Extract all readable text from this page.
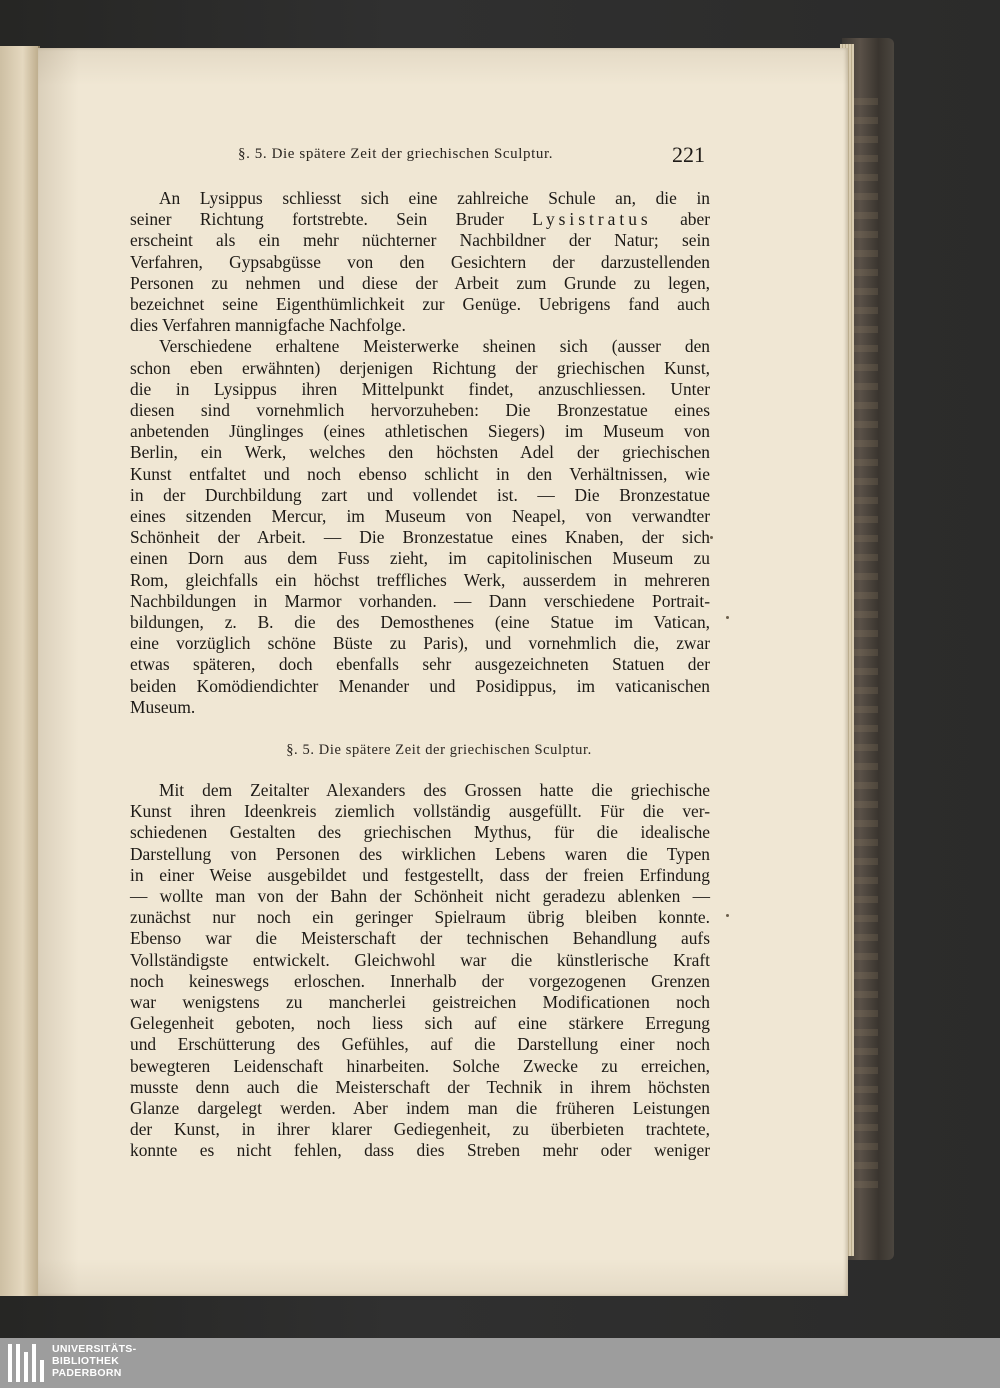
§. 5. Die spätere Zeit der griechischen Sculptur.	221

An Lysippus schliesst sich eine zahlreiche Schule an, die in
seiner Richtung fortstrebte. Sein Bruder Lysistratus aber
erscheint als ein mehr nüchterner Nachbildner der Natur; sein
Verfahren, Gypsabgüsse von den Gesichtern der darzustellenden
Personen zu nehmen und diese der Arbeit zum Grunde zu legen,
bezeichnet seine Eigenthümlichkeit zur Genüge. Uebrigens fand auch
dies Verfahren mannigfache Nachfolge.

Verschiedene erhaltene Meisterwerke sheinen sich (ausser den
schon eben erwähnten) derjenigen Richtung der griechischen Kunst,
die in Lysippus ihren Mittelpunkt findet, anzuschliessen. Unter
diesen sind vornehmlich hervorzuheben: Die Bronzestatue eines
anbetenden Jünglinges (eines athletischen Siegers) im Museum von
Berlin, ein Werk, welches den höchsten Adel der griechischen
Kunst entfaltet und noch ebenso schlicht in den Verhältnissen, wie
in der Durchbildung zart und vollendet ist. — Die Bronzestatue
eines sitzenden Mercur, im Museum von Neapel, von verwandter
Schönheit der Arbeit. — Die Bronzestatue eines Knaben, der sich
einen Dorn aus dem Fuss zieht, im capitolinischen Museum zu
Rom, gleichfalls ein höchst treffliches Werk, ausserdem in mehreren
Nachbildungen in Marmor vorhanden. — Dann verschiedene Portrait-
bildungen, z. B. die des Demosthenes (eine Statue im Vatican,
eine vorzüglich schöne Büste zu Paris), und vornehmlich die, zwar
etwas späteren, doch ebenfalls sehr ausgezeichneten Statuen der
beiden Komödiendichter Menander und Posidippus, im vaticanischen
Museum.

§. 5. Die spätere Zeit der griechischen Sculptur.

Mit dem Zeitalter Alexanders des Grossen hatte die griechische
Kunst ihren Ideenkreis ziemlich vollständig ausgefüllt. Für die ver-
schiedenen Gestalten des griechischen Mythus, für die idealische
Darstellung von Personen des wirklichen Lebens waren die Typen
in einer Weise ausgebildet und festgestellt, dass der freien Erfindung
— wollte man von der Bahn der Schönheit nicht geradezu ablenken —
zunächst nur noch ein geringer Spielraum übrig bleiben konnte.
Ebenso war die Meisterschaft der technischen Behandlung aufs
Vollständigste entwickelt. Gleichwohl war die künstlerische Kraft
noch keineswegs erloschen. Innerhalb der vorgezogenen Grenzen
war wenigstens zu mancherlei geistreichen Modificationen noch
Gelegenheit geboten, noch liess sich auf eine stärkere Erregung
und Erschütterung des Gefühles, auf die Darstellung einer noch
bewegteren Leidenschaft hinarbeiten. Solche Zwecke zu erreichen,
musste denn auch die Meisterschaft der Technik in ihrem höchsten
Glanze dargelegt werden. Aber indem man die früheren Leistungen
der Kunst, in ihrer klarer Gediegenheit, zu überbieten trachtete,
konnte es nicht fehlen, dass dies Streben mehr oder weniger

UNIVERSITÄTS-
BIBLIOTHEK
PADERBORN
